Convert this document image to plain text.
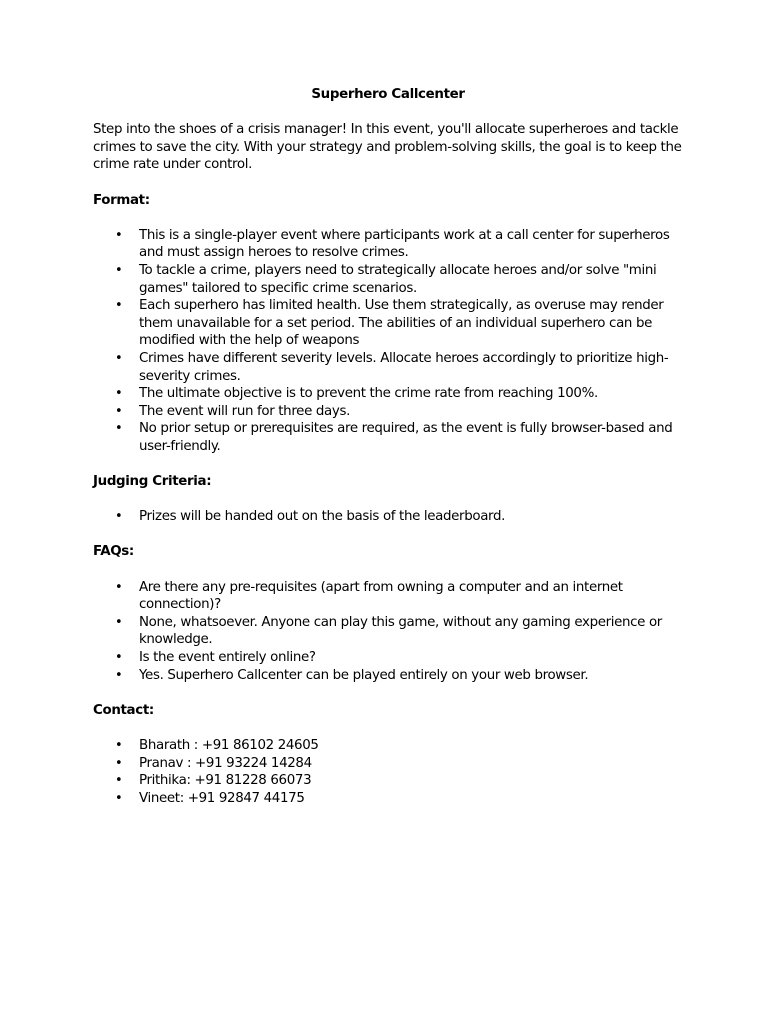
Superhero Callcenter
Step into the shoes of a crisis manager! In this event, you'll allocate superheroes and tackle crimes to save the city. With your strategy and problem-solving skills, the goal is to keep the crime rate under control.
Format:
• This is a single-player event where participants work at a call center for superheros and must assign heroes to resolve crimes.
• To tackle a crime, players need to strategically allocate heroes and/or solve "mini games" tailored to specific crime scenarios.
• Each superhero has limited health. Use them strategically, as overuse may render them unavailable for a set period. The abilities of an individual superhero can be modified with the help of weapons
• Crimes have different severity levels. Allocate heroes accordingly to prioritize high-severity crimes.
• The ultimate objective is to prevent the crime rate from reaching 100%.
• The event will run for three days.
• No prior setup or prerequisites are required, as the event is fully browser-based and user-friendly.
Judging Criteria:
• Prizes will be handed out on the basis of the leaderboard.
FAQs:
• Are there any pre-requisites (apart from owning a computer and an internet connection)?
• None, whatsoever. Anyone can play this game, without any gaming experience or knowledge.
• Is the event entirely online?
• Yes. Superhero Callcenter can be played entirely on your web browser.
Contact:
• Bharath : +91 86102 24605
• Pranav : +91 93224 14284
• Prithika: +91 81228 66073
• Vineet: +91 92847 44175
